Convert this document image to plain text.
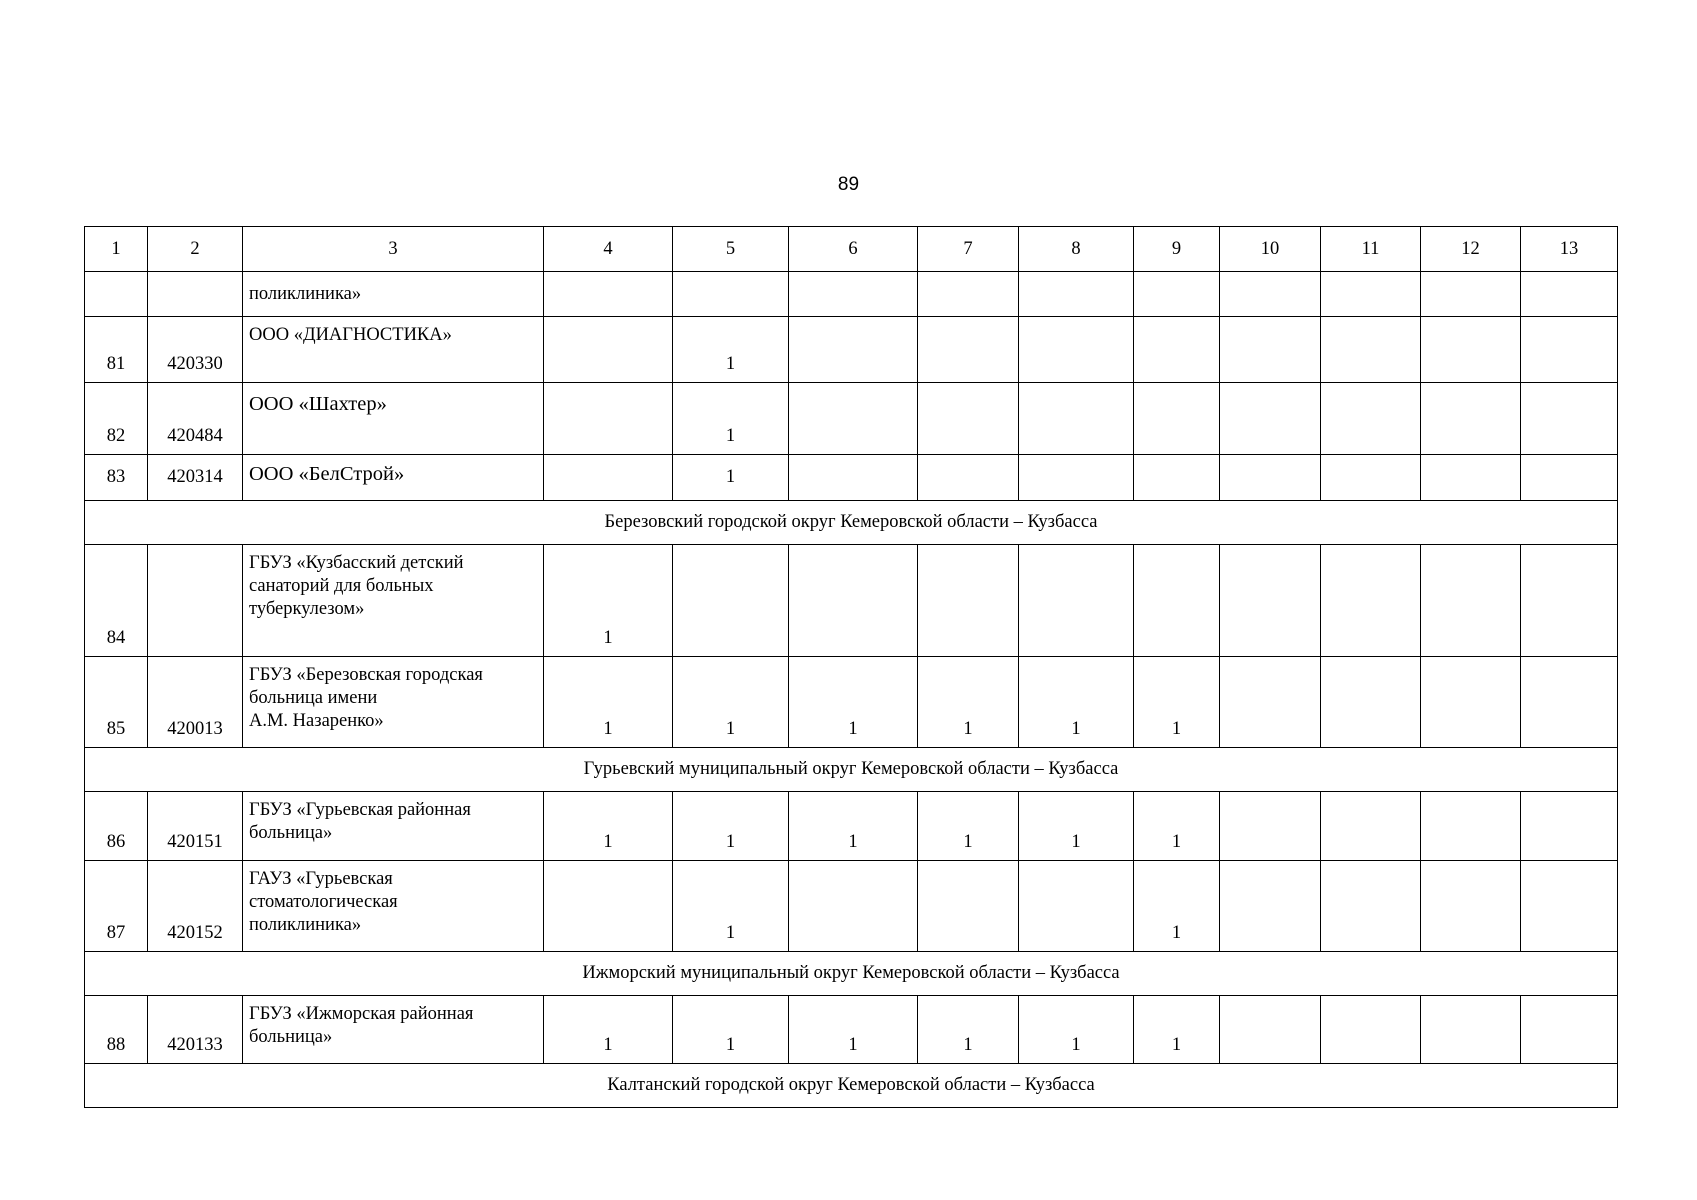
89
1	2	3	4	5	6	7	8	9	10	11	12	13

		поликлиника»										

81	420330	ООО «ДИАГНОСТИКА»		1								
82	420484	ООО «Шахтер»		1								
83	420314	ООО «БелСтрой»		1								
Березовский городской округ Кемеровской области – Кузбасса												
84		ГБУЗ «Кузбасский детский
санаторий для больных
туберкулезом»	1									
85	420013	ГБУЗ «Березовская городская
больница имени
А.М. Назаренко»	1	1	1	1	1	1				
Гурьевский муниципальный округ Кемеровской области – Кузбасса												
86	420151	ГБУЗ «Гурьевская районная
больница»	1	1	1	1	1	1				
87	420152	ГАУЗ «Гурьевская
стоматологическая
поликлиника»		1				1				
Ижморский муниципальный округ Кемеровской области – Кузбасса												
88	420133	ГБУЗ «Ижморская районная
больница»	1	1	1	1	1	1				
Калтанский городской округ Кемеровской области – Кузбасса												
